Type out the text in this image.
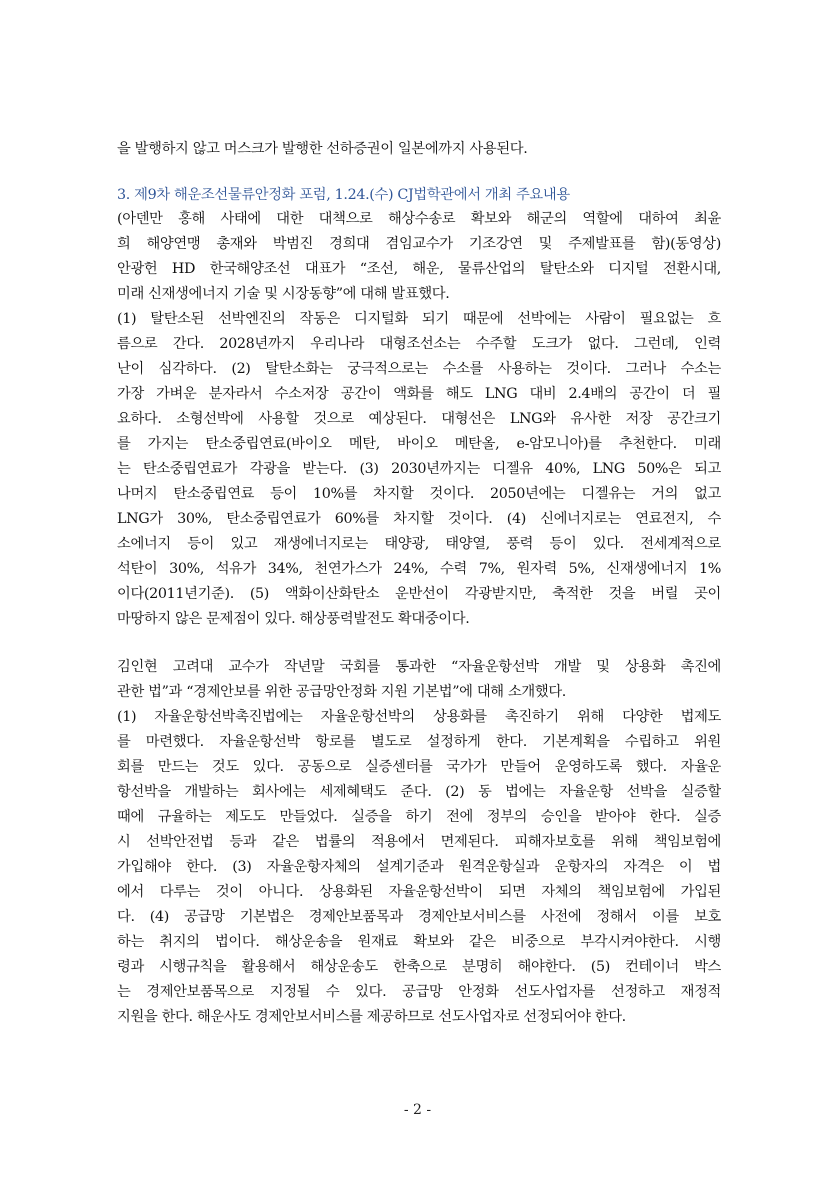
을 발행하지 않고 머스크가 발행한 선하증권이 일본에까지 사용된다.
3. 제9차 해운조선물류안정화 포럼, 1.24.(수) CJ법학관에서 개최 주요내용
(아덴만 홍해 사태에 대한 대책으로 해상수송로 확보와 해군의 역할에 대하여 최윤
희 해양연맹 총재와 박범진 경희대 겸임교수가 기조강연 및 주제발표를 함)(동영상)
안광헌 HD 한국해양조선 대표가 “조선, 해운, 물류산업의 탈탄소와 디지털 전환시대,
미래 신재생에너지 기술 및 시장동향”에 대해 발표했다.
(1) 탈탄소된 선박엔진의 작동은 디지털화 되기 때문에 선박에는 사람이 필요없는 흐
름으로 간다. 2028년까지 우리나라 대형조선소는 수주할 도크가 없다. 그런데, 인력
난이 심각하다. (2) 탈탄소화는 궁극적으로는 수소를 사용하는 것이다. 그러나 수소는
가장 가벼운 분자라서 수소저장 공간이 액화를 해도 LNG 대비 2.4배의 공간이 더 필
요하다. 소형선박에 사용할 것으로 예상된다. 대형선은 LNG와 유사한 저장 공간크기
를 가지는 탄소중립연료(바이오 메탄, 바이오 메탄올, e-암모니아)를 추천한다. 미래
는 탄소중립연료가 각광을 받는다. (3) 2030년까지는 디젤유 40%, LNG 50%은 되고
나머지 탄소중립연료 등이 10%를 차지할 것이다. 2050년에는 디젤유는 거의 없고
LNG가 30%, 탄소중립연료가 60%를 차지할 것이다. (4) 신에너지로는 연료전지, 수
소에너지 등이 있고 재생에너지로는 태양광, 태양열, 풍력 등이 있다. 전세계적으로
석탄이 30%, 석유가 34%, 천연가스가 24%, 수력 7%, 원자력 5%, 신재생에너지 1%
이다(2011년기준). (5) 액화이산화탄소 운반선이 각광받지만, 축적한 것을 버릴 곳이
마땅하지 않은 문제점이 있다. 해상풍력발전도 확대중이다.
김인현 고려대 교수가 작년말 국회를 통과한 “자율운항선박 개발 및 상용화 촉진에
관한 법”과 “경제안보를 위한 공급망안정화 지원 기본법”에 대해 소개했다.
(1) 자율운항선박촉진법에는 자율운항선박의 상용화를 촉진하기 위해 다양한 법제도
를 마련했다. 자율운항선박 항로를 별도로 설정하게 한다. 기본계획을 수립하고 위원
회를 만드는 것도 있다. 공동으로 실증센터를 국가가 만들어 운영하도록 했다. 자율운
항선박을 개발하는 회사에는 세제혜택도 준다. (2) 동 법에는 자율운항 선박을 실증할
때에 규율하는 제도도 만들었다. 실증을 하기 전에 정부의 승인을 받아야 한다. 실증
시 선박안전법 등과 같은 법률의 적용에서 면제된다. 피해자보호를 위해 책임보험에
가입해야 한다. (3) 자율운항자체의 설계기준과 원격운항실과 운항자의 자격은 이 법
에서 다루는 것이 아니다. 상용화된 자율운항선박이 되면 자체의 책임보험에 가입된
다. (4) 공급망 기본법은 경제안보품목과 경제안보서비스를 사전에 정해서 이를 보호
하는 취지의 법이다. 해상운송을 원재료 확보와 같은 비중으로 부각시켜야한다. 시행
령과 시행규칙을 활용해서 해상운송도 한축으로 분명히 해야한다. (5) 컨테이너 박스
는 경제안보품목으로 지정될 수 있다. 공급망 안정화 선도사업자를 선정하고 재정적
지원을 한다. 해운사도 경제안보서비스를 제공하므로 선도사업자로 선정되어야 한다.
- 2 -
